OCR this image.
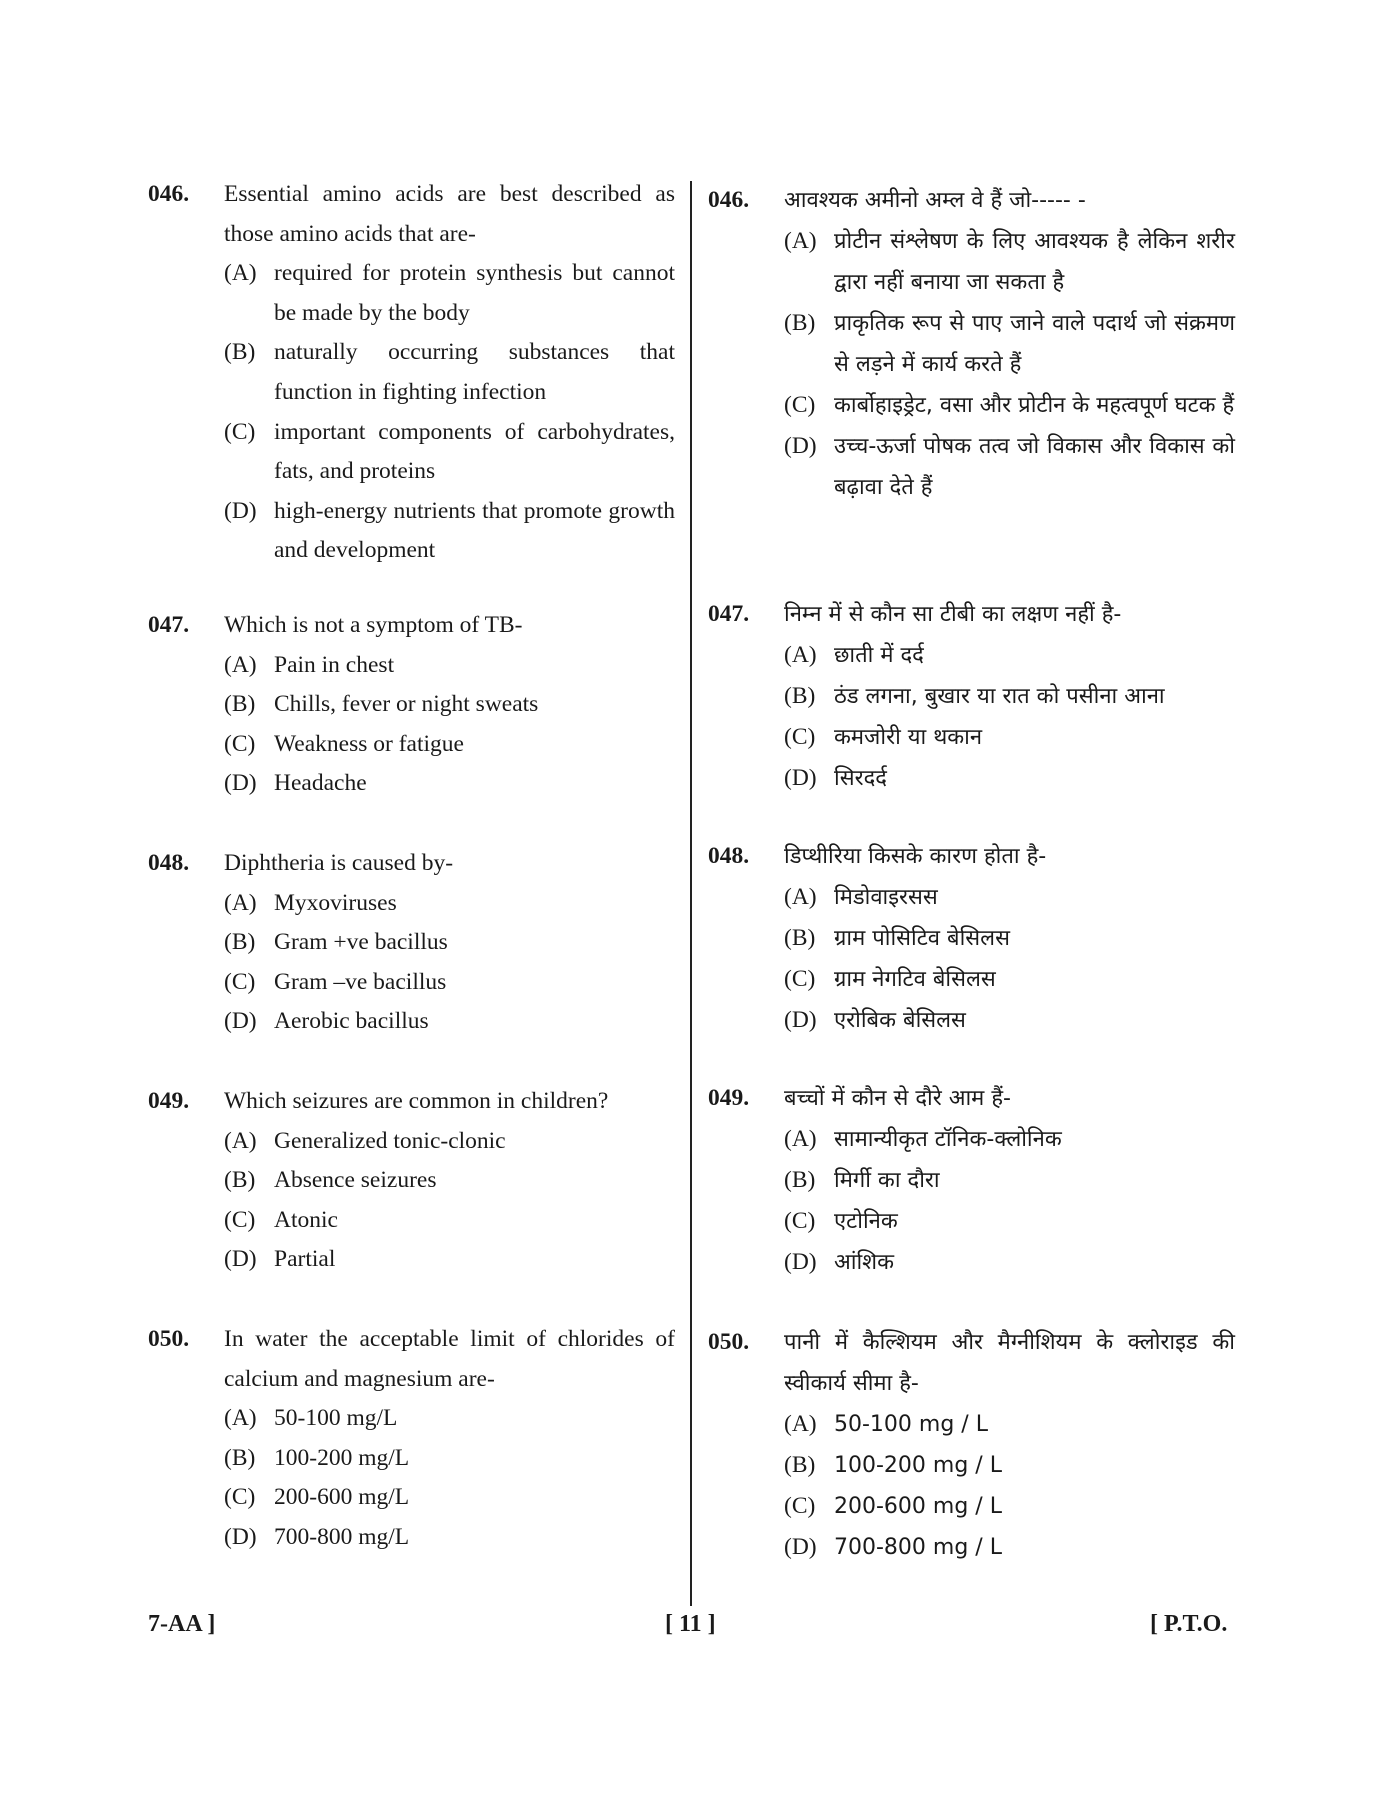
046. Essential amino acids are best described as those amino acids that are-
(A) required for protein synthesis but cannot be made by the body
(B) naturally occurring substances that function in fighting infection
(C) important components of carbohydrates, fats, and proteins
(D) high-energy nutrients that promote growth and development
047. Which is not a symptom of TB-
(A) Pain in chest
(B) Chills, fever or night sweats
(C) Weakness or fatigue
(D) Headache
048. Diphtheria is caused by-
(A) Myxoviruses
(B) Gram +ve bacillus
(C) Gram –ve bacillus
(D) Aerobic bacillus
049. Which seizures are common in children?
(A) Generalized tonic-clonic
(B) Absence seizures
(C) Atonic
(D) Partial
050. In water the acceptable limit of chlorides of calcium and magnesium are-
(A) 50-100 mg/L
(B) 100-200 mg/L
(C) 200-600 mg/L
(D) 700-800 mg/L
046. आवश्यक अमीनो अम्ल वे हैं जो----- -
(A) प्रोटीन संश्लेषण के लिए आवश्यक है लेकिन शरीर द्वारा नहीं बनाया जा सकता है
(B) प्राकृतिक रूप से पाए जाने वाले पदार्थ जो संक्रमण से लड़ने में कार्य करते हैं
(C) कार्बोहाइड्रेट, वसा और प्रोटीन के महत्वपूर्ण घटक हैं
(D) उच्च-ऊर्जा पोषक तत्व जो विकास और विकास को बढ़ावा देते हैं
047. निम्न में से कौन सा टीबी का लक्षण नहीं है-
(A) छाती में दर्द
(B) ठंड लगना, बुखार या रात को पसीना आना
(C) कमजोरी या थकान
(D) सिरदर्द
048. डिप्थीरिया किसके कारण होता है-
(A) मिडोवाइरसस
(B) ग्राम पोसिटिव बेसिलस
(C) ग्राम नेगटिव बेसिलस
(D) एरोबिक बेसिलस
049. बच्चों में कौन से दौरे आम हैं-
(A) सामान्यीकृत टॉनिक-क्लोनिक
(B) मिर्गी का दौरा
(C) एटोनिक
(D) आंशिक
050. पानी में कैल्शियम और मैग्नीशियम के क्लोराइड की स्वीकार्य सीमा है-
(A) 50-100 mg / L
(B) 100-200 mg / L
(C) 200-600 mg / L
(D) 700-800 mg / L
7-AA ]	[ 11 ]	[ P.T.O.
